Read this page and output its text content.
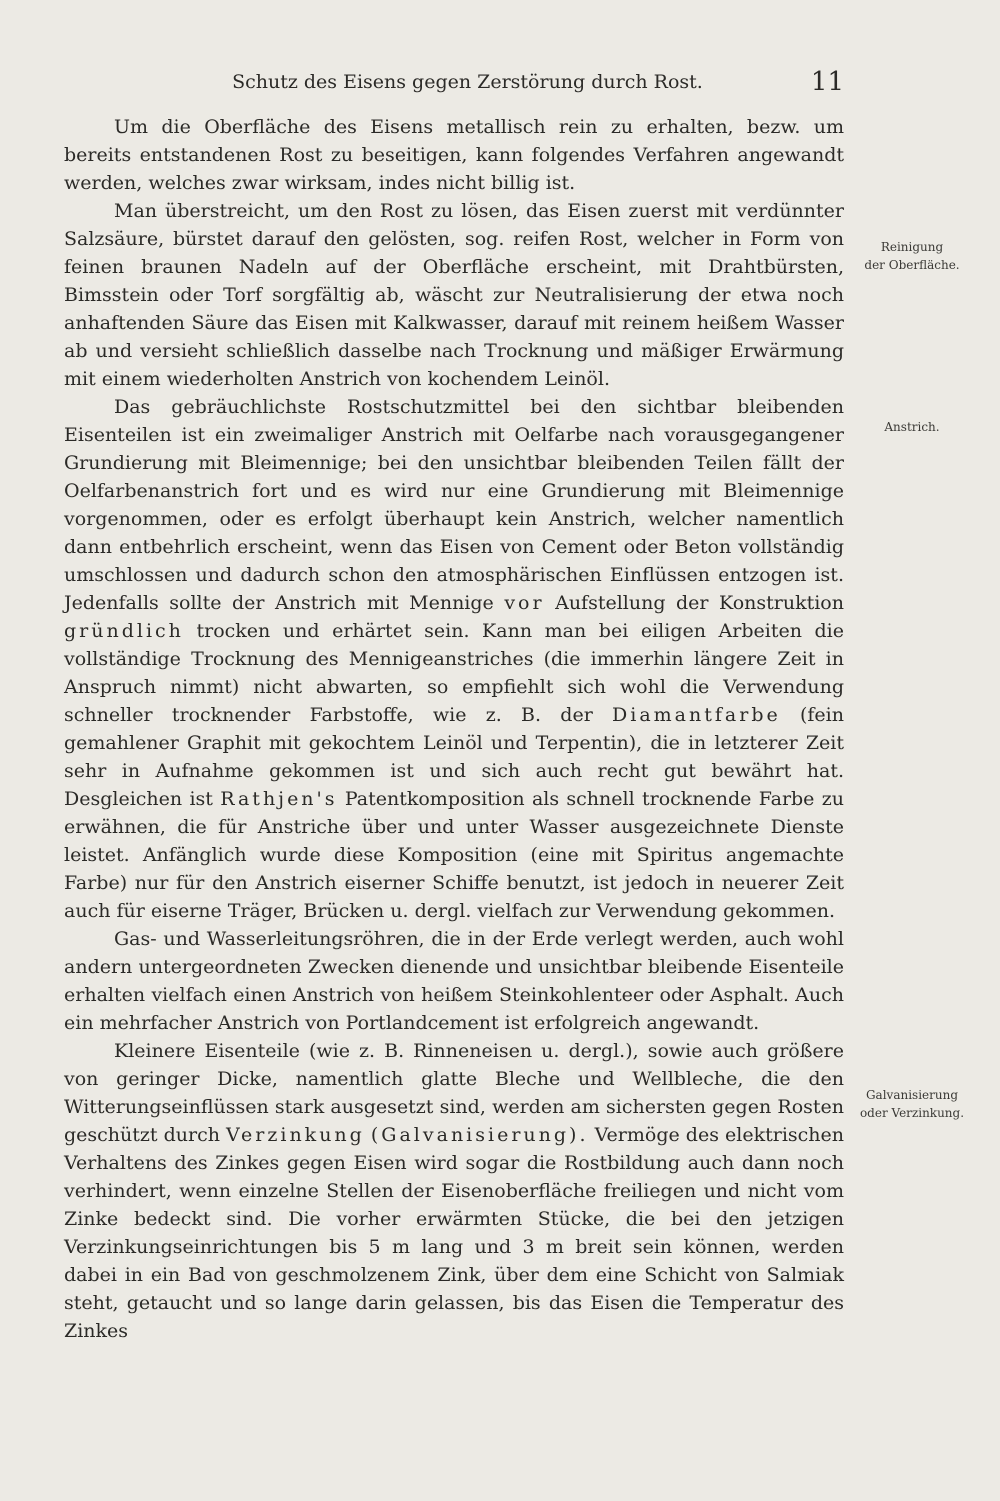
Schutz des Eisens gegen Zerstörung durch Rost.	11

Um die Oberfläche des Eisens metallisch rein zu erhalten, bezw. um bereits entstandenen Rost zu beseitigen, kann folgendes Verfahren angewandt werden, welches zwar wirksam, indes nicht billig ist.

Man überstreicht, um den Rost zu lösen, das Eisen zuerst mit verdünnter Salzsäure, bürstet darauf den gelösten, sog. reifen Rost, welcher in Form von feinen braunen Nadeln auf der Oberfläche erscheint, mit Drahtbürsten, Bimsstein oder Torf sorgfältig ab, wäscht zur Neutralisierung der etwa noch anhaftenden Säure das Eisen mit Kalkwasser, darauf mit reinem heißem Wasser ab und versieht schließlich dasselbe nach Trocknung und mäßiger Erwärmung mit einem wiederholten Anstrich von kochendem Leinöl.

Das gebräuchlichste Rostschutzmittel bei den sichtbar bleibenden Eisenteilen ist ein zweimaliger Anstrich mit Oelfarbe nach vorausgegangener Grundierung mit Bleimennige; bei den unsichtbar bleibenden Teilen fällt der Oelfarbenanstrich fort und es wird nur eine Grundierung mit Bleimennige vorgenommen, oder es erfolgt überhaupt kein Anstrich, welcher namentlich dann entbehrlich erscheint, wenn das Eisen von Cement oder Beton vollständig umschlossen und dadurch schon den atmosphärischen Einflüssen entzogen ist. Jedenfalls sollte der Anstrich mit Mennige vor Aufstellung der Konstruktion gründlich trocken und erhärtet sein. Kann man bei eiligen Arbeiten die vollständige Trocknung des Mennigeanstriches (die immerhin längere Zeit in Anspruch nimmt) nicht abwarten, so empfiehlt sich wohl die Verwendung schneller trocknender Farbstoffe, wie z. B. der Diamantfarbe (fein gemahlener Graphit mit gekochtem Leinöl und Terpentin), die in letzterer Zeit sehr in Aufnahme gekommen ist und sich auch recht gut bewährt hat. Desgleichen ist Rathjen's Patentkomposition als schnell trocknende Farbe zu erwähnen, die für Anstriche über und unter Wasser ausgezeichnete Dienste leistet. Anfänglich wurde diese Komposition (eine mit Spiritus angemachte Farbe) nur für den Anstrich eiserner Schiffe benutzt, ist jedoch in neuerer Zeit auch für eiserne Träger, Brücken u. dergl. vielfach zur Verwendung gekommen.

Gas- und Wasserleitungsröhren, die in der Erde verlegt werden, auch wohl andern untergeordneten Zwecken dienende und unsichtbar bleibende Eisenteile erhalten vielfach einen Anstrich von heißem Steinkohlenteer oder Asphalt. Auch ein mehrfacher Anstrich von Portlandcement ist erfolgreich angewandt.

Kleinere Eisenteile (wie z. B. Rinneneisen u. dergl.), sowie auch größere von geringer Dicke, namentlich glatte Bleche und Wellbleche, die den Witterungseinflüssen stark ausgesetzt sind, werden am sichersten gegen Rosten geschützt durch Verzinkung (Galvanisierung). Vermöge des elektrischen Verhaltens des Zinkes gegen Eisen wird sogar die Rostbildung auch dann noch verhindert, wenn einzelne Stellen der Eisenoberfläche freiliegen und nicht vom Zinke bedeckt sind. Die vorher erwärmten Stücke, die bei den jetzigen Verzinkungseinrichtungen bis 5 m lang und 3 m breit sein können, werden dabei in ein Bad von geschmolzenem Zink, über dem eine Schicht von Salmiak steht, getaucht und so lange darin gelassen, bis das Eisen die Temperatur des Zinkes

Reinigung
der Oberfläche.
Anstrich.
Galvanisierung
oder Verzinkung.
